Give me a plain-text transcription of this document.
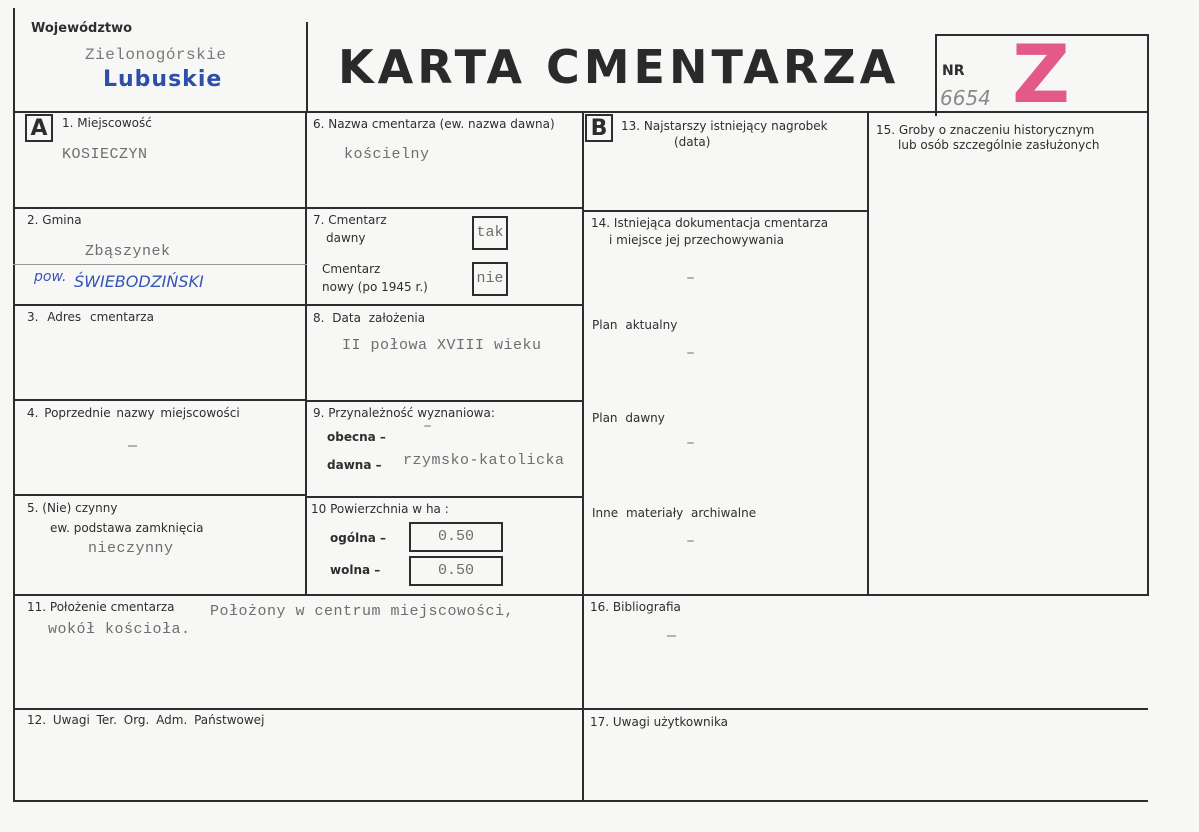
Województwo
Zielonogórskie
Lubuskie	KARTA CMENTARZA	NR
6654 Z
A	1. Miejscowość
KOSIECZYN
2. Gmina
Zbąszynek
pow. ŚWIEBODZIŃSKI
3. Adres cmentarza
4. Poprzednie nazwy miejscowości
—
5. (Nie) czynny
ew. podstawa zamknięcia
nieczynny
6. Nazwa cmentarza (ew. nazwa dawna)
kościelny
7. Cmentarz
dawny	tak
Cmentarz
nowy (po 1945 r.)	nie
8. Data założenia
II połowa XVIII wieku
9. Przynależność wyznaniowa:
obecna –
–
dawna – rzymsko-katolicka
10 Powierzchnia w ha :
ogólna –	0.50
wolna –	0.50
B	13. Najstarszy istniejący nagrobek
(data)
14. Istniejąca dokumentacja cmentarza
i miejsce jej przechowywania
–
Plan aktualny
–
Plan dawny
–
Inne materiały archiwalne
–
15. Groby o znaczeniu historycznym
lub osób szczególnie zasłużonych
11. Położenie cmentarza Położony w centrum miejscowości,
wokół kościoła.
16. Bibliografia
—
12. Uwagi Ter. Org. Adm. Państwowej	17. Uwagi użytkownika
